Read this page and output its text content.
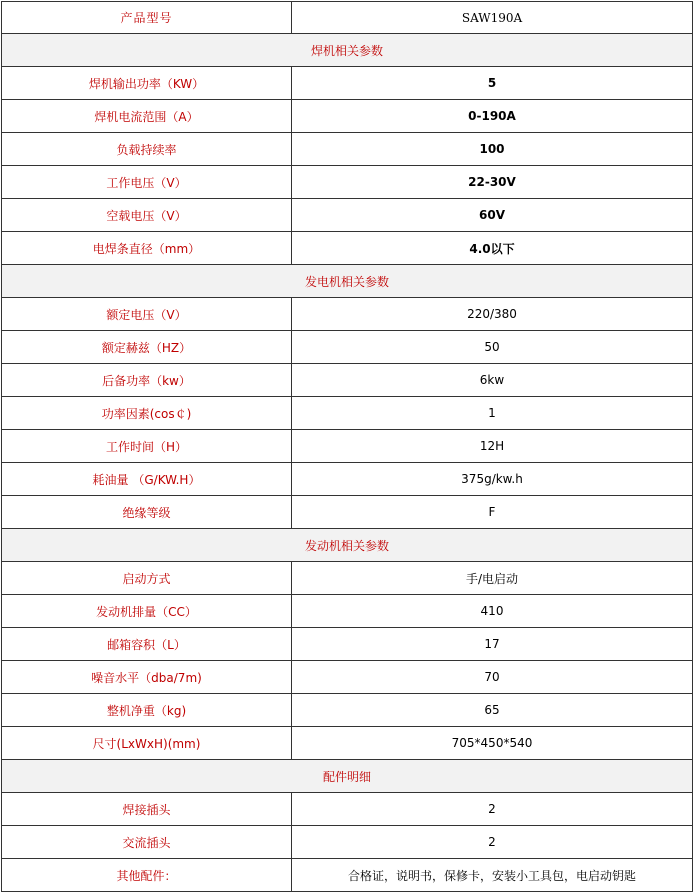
产品型号	SAW190A
焊机相关参数	
焊机输出功率（KW）	5
焊机电流范围（A）	0-190A
负载持续率	100
工作电压（V）	22-30V
空载电压（V）	60V
电焊条直径（mm）	4.0以下
发电机相关参数	
额定电压（V）	220/380
额定赫兹（HZ）	50
后备功率（kw）	6kw
功率因素(cos￠)	1
工作时间（H）	12H
耗油量 （G/KW.H）	375g/kw.h
绝缘等级	F
发动机相关参数	
启动方式	手/电启动
发动机排量（CC）	410
邮箱容积（L）	17
噪音水平（dba/7m)	70
整机净重（kg)	65
尺寸(LxWxH)(mm)	705*450*540
配件明细	
焊接插头	2
交流插头	2
其他配件：	合格证，说明书，保修卡，安装小工具包，电启动钥匙
